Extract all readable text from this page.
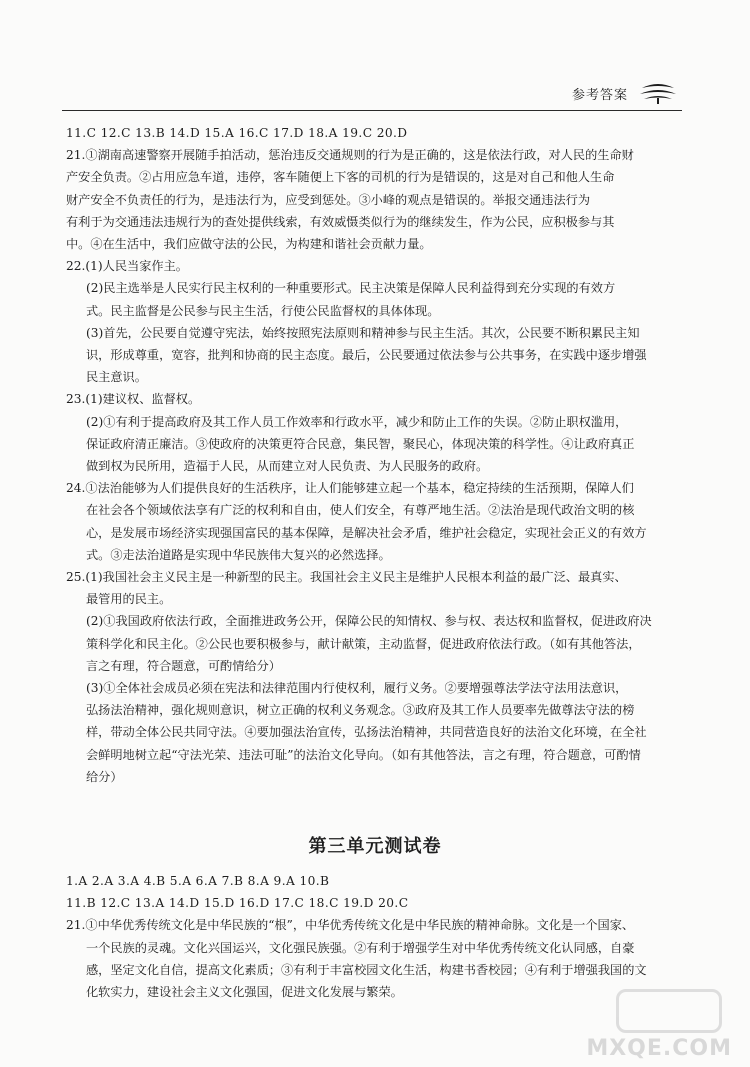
参考答案

11.C 12.C 13.B 14.D 15.A 16.C 17.D 18.A 19.C 20.D

21.①湖南高速警察开展随手拍活动，惩治违反交通规则的行为是正确的，这是依法行政，对人民的生命财

产安全负责。②占用应急车道，违停，客车随便上下客的司机的行为是错误的，这是对自己和他人生命

财产安全不负责任的行为，是违法行为，应受到惩处。③小峰的观点是错误的。举报交通违法行为

有利于为交通违法违规行为的查处提供线索，有效威慑类似行为的继续发生，作为公民，应积极参与其

中。④在生活中，我们应做守法的公民，为构建和谐社会贡献力量。

22.(1)人民当家作主。

(2)民主选举是人民实行民主权利的一种重要形式。民主决策是保障人民利益得到充分实现的有效方

式。民主监督是公民参与民主生活，行使公民监督权的具体体现。

(3)首先，公民要自觉遵守宪法，始终按照宪法原则和精神参与民主生活。其次，公民要不断积累民主知

识，形成尊重，宽容，批判和协商的民主态度。最后，公民要通过依法参与公共事务，在实践中逐步增强

民主意识。

23.(1)建议权、监督权。

(2)①有利于提高政府及其工作人员工作效率和行政水平，减少和防止工作的失误。②防止职权滥用，

保证政府清正廉洁。③使政府的决策更符合民意，集民智，聚民心，体现决策的科学性。④让政府真正

做到权为民所用，造福于人民，从而建立对人民负责、为人民服务的政府。

24.①法治能够为人们提供良好的生活秩序，让人们能够建立起一个基本，稳定持续的生活预期，保障人们

在社会各个领域依法享有广泛的权利和自由，使人们安全，有尊严地生活。②法治是现代政治文明的核

心，是发展市场经济实现强国富民的基本保障，是解决社会矛盾，维护社会稳定，实现社会正义的有效方

式。③走法治道路是实现中华民族伟大复兴的必然选择。

25.(1)我国社会主义民主是一种新型的民主。我国社会主义民主是维护人民根本利益的最广泛、最真实、

最管用的民主。

(2)①我国政府依法行政，全面推进政务公开，保障公民的知情权、参与权、表达权和监督权，促进政府决

策科学化和民主化。②公民也要积极参与，献计献策，主动监督，促进政府依法行政。（如有其他答法，

言之有理，符合题意，可酌情给分）

(3)①全体社会成员必须在宪法和法律范围内行使权利，履行义务。②要增强尊法学法守法用法意识，

弘扬法治精神，强化规则意识，树立正确的权利义务观念。③政府及其工作人员要率先做尊法守法的榜

样，带动全体公民共同守法。④要加强法治宣传，弘扬法治精神，共同营造良好的法治文化环境，在全社

会鲜明地树立起“守法光荣、违法可耻”的法治文化导向。（如有其他答法，言之有理，符合题意，可酌情

给分）

第三单元测试卷

1.A 2.A 3.A 4.B 5.A 6.A 7.B 8.A 9.A 10.B

11.B 12.C 13.A 14.D 15.D 16.D 17.C 18.C 19.D 20.C

21.①中华优秀传统文化是中华民族的“根”，中华优秀传统文化是中华民族的精神命脉。文化是一个国家、

一个民族的灵魂。文化兴国运兴，文化强民族强。②有利于增强学生对中华优秀传统文化认同感，自豪

感，坚定文化自信，提高文化素质；③有利于丰富校园文化生活，构建书香校园；④有利于增强我国的文

化软实力，建设社会主义文化强国，促进文化发展与繁荣。

MXQE.COM
